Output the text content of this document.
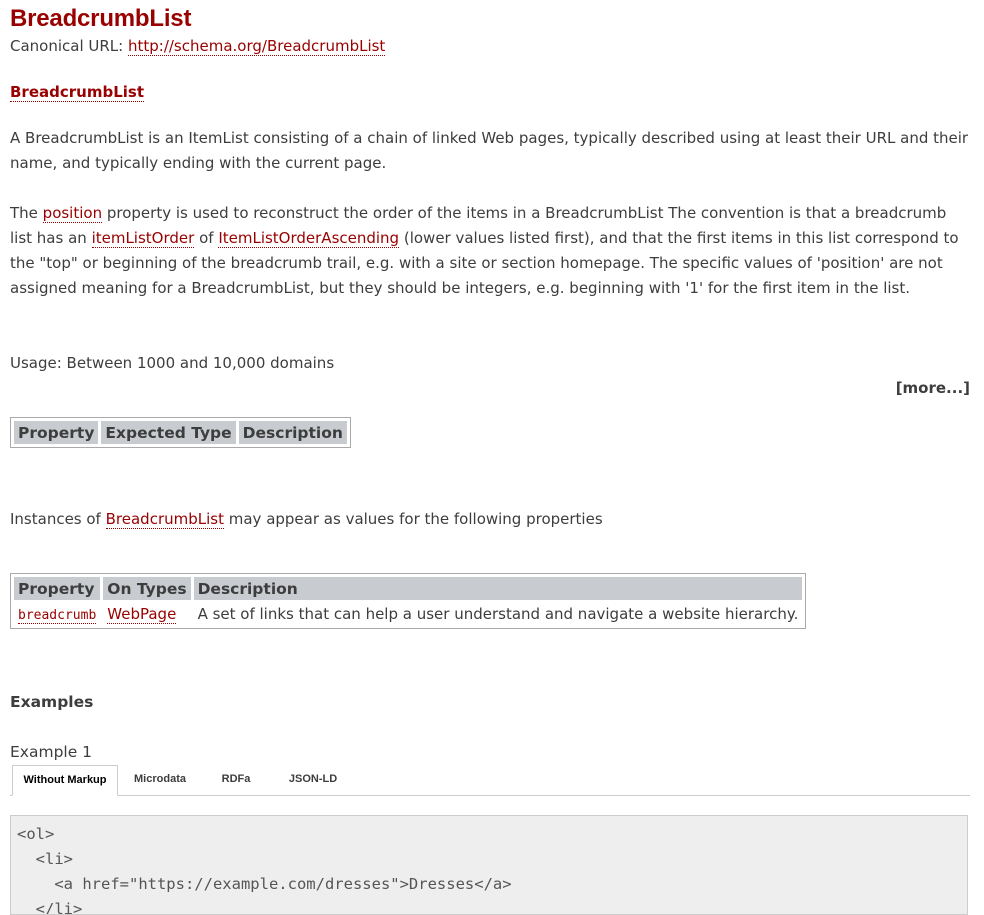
BreadcrumbList
Canonical URL: http://schema.org/BreadcrumbList
BreadcrumbList

A BreadcrumbList is an ItemList consisting of a chain of linked Web pages, typically described using at least their URL and their name, and typically ending with the current page.

The position property is used to reconstruct the order of the items in a BreadcrumbList The convention is that a breadcrumb list has an itemListOrder of ItemListOrderAscending (lower values listed first), and that the first items in this list correspond to the "top" or beginning of the breadcrumb trail, e.g. with a site or section homepage. The specific values of 'position' are not assigned meaning for a BreadcrumbList, but they should be integers, e.g. beginning with '1' for the first item in the list.

Usage: Between 1000 and 10,000 domains

[more...]
Property	Expected Type	Description

Instances of BreadcrumbList may appear as values for the following properties

Property	On Types	Description
breadcrumb	WebPage	A set of links that can help a user understand and navigate a website hierarchy.
Examples
Example 1
Without Markup	Microdata	RDFa	JSON-LD
<ol>
<li>
<a href="https://example.com/dresses">Dresses</a>
</li>
